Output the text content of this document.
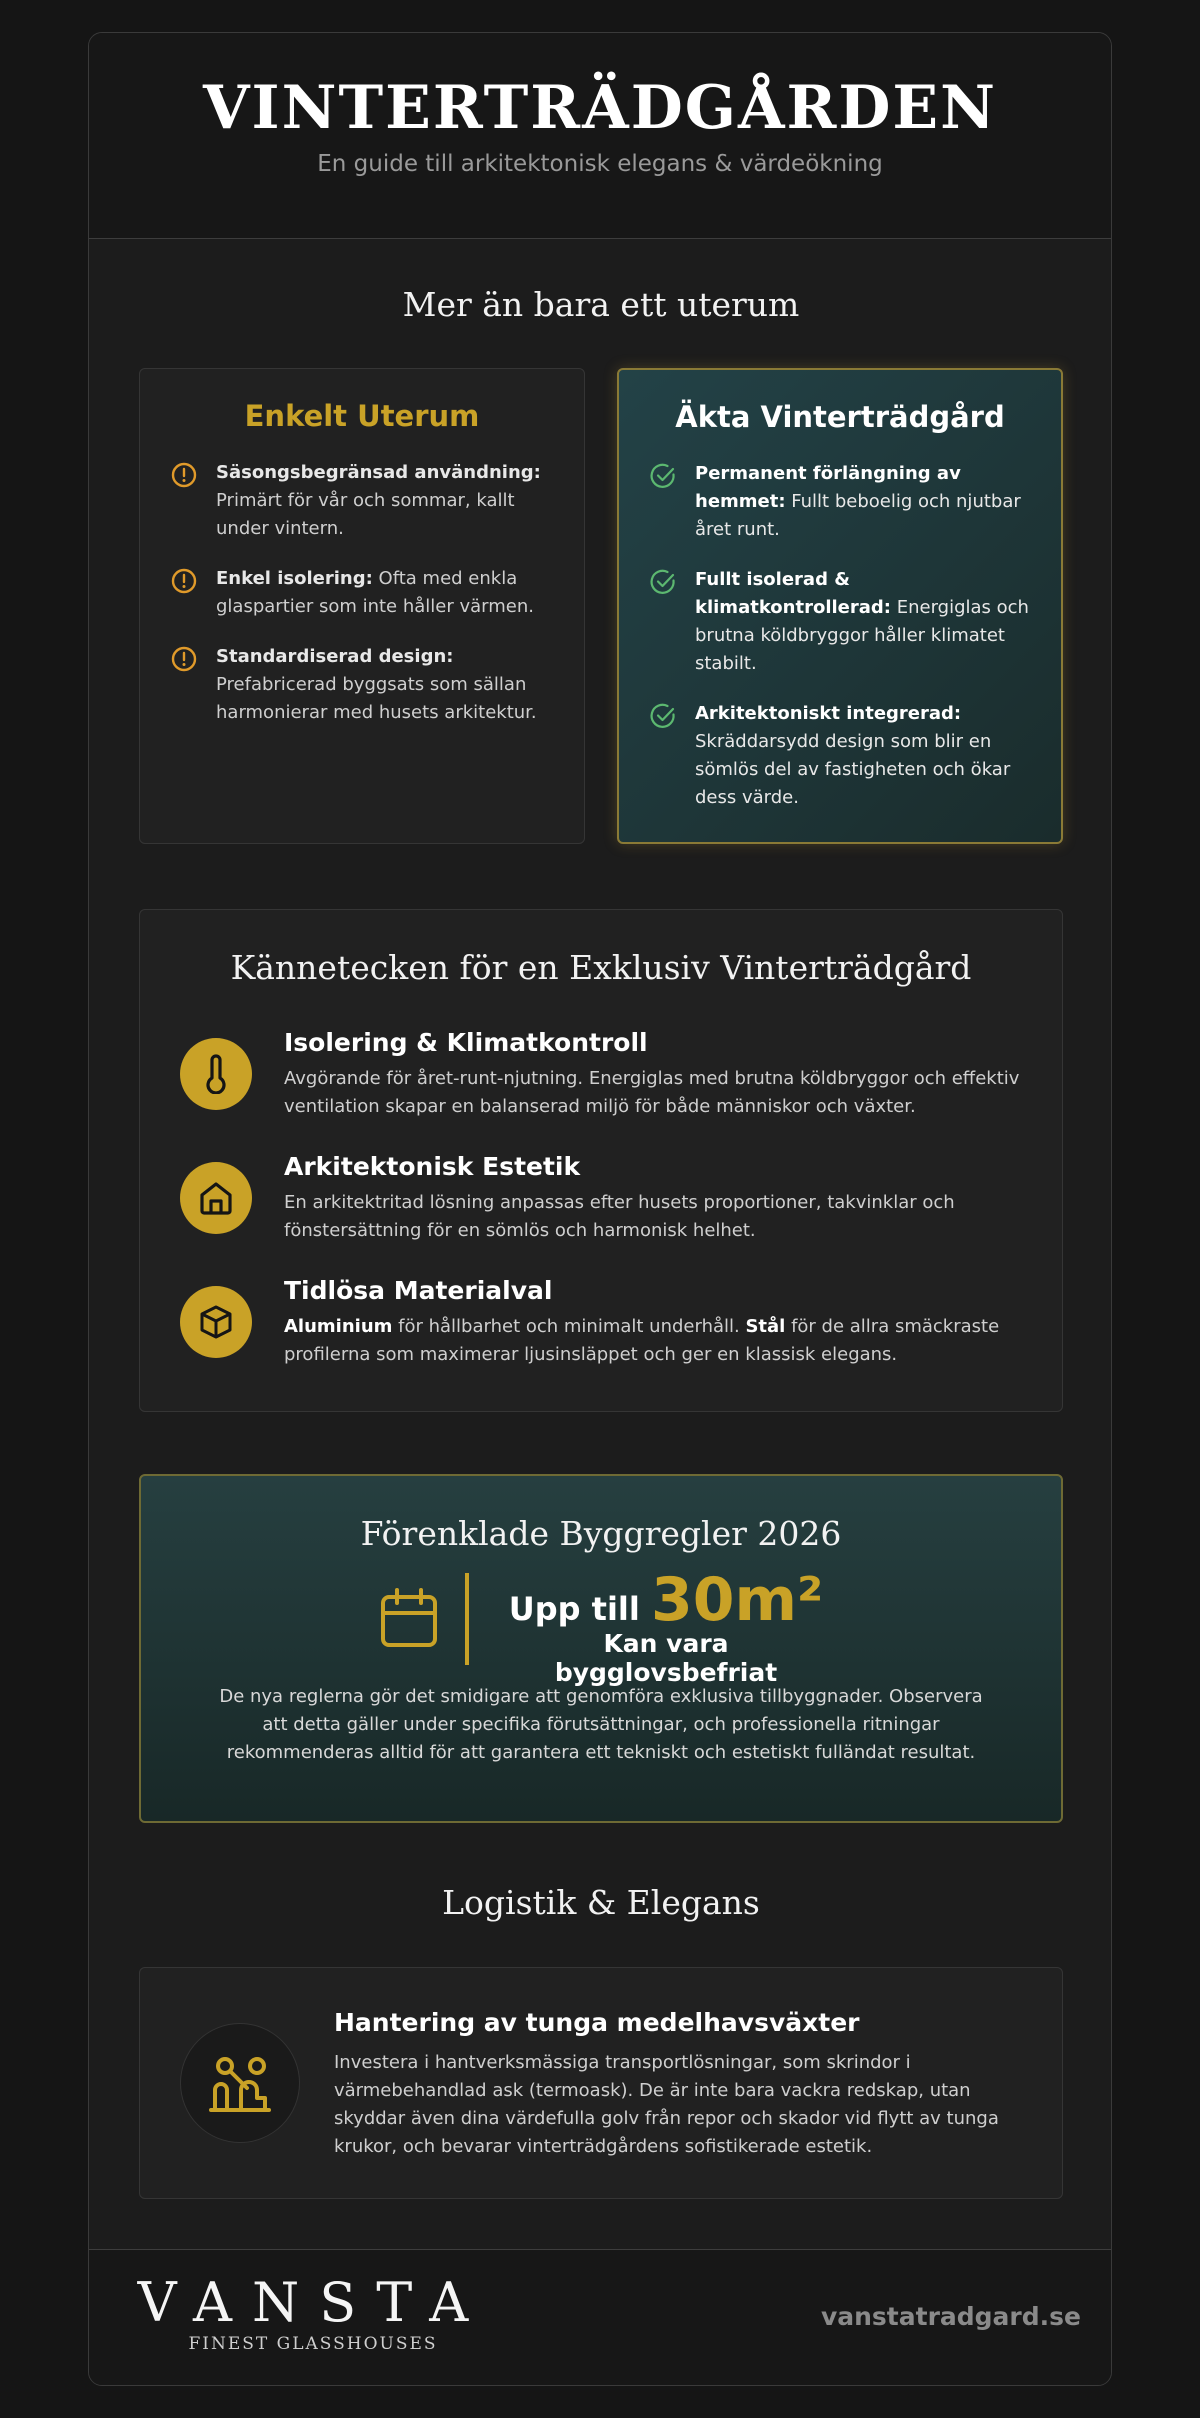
VINTERTRÄDGÅRDEN
En guide till arkitektonisk elegans & värdeökning
Mer än bara ett uterum
Enkelt Uterum
Säsongsbegränsad användning: Primärt för vår och sommar, kallt under vintern.
Enkel isolering: Ofta med enkla glaspartier som inte håller värmen.
Standardiserad design: Prefabricerad byggsats som sällan harmonierar med husets arkitektur.
Äkta Vinterträdgård
Permanent förlängning av hemmet: Fullt beboelig och njutbar året runt.
Fullt isolerad & klimatkontrollerad: Energiglas och brutna köldbryggor håller klimatet stabilt.
Arkitektoniskt integrerad: Skräddarsydd design som blir en sömlös del av fastigheten och ökar dess värde.
Kännetecken för en Exklusiv Vinterträdgård
Isolering & Klimatkontroll

Avgörande för året-runt-njutning. Energiglas med brutna köldbryggor och effektiv ventilation skapar en balanserad miljö för både människor och växter.

Arkitektonisk Estetik

En arkitektritad lösning anpassas efter husets proportioner, takvinklar och fönstersättning för en sömlös och harmonisk helhet.

Tidlösa Materialval

Aluminium för hållbarhet och minimalt underhåll. Stål för de allra smäckraste profilerna som maximerar ljusinsläppet och ger en klassisk elegans.

Förenklade Byggregler 2026
Upp till 30m²
Kan vara bygglovsbefriat

De nya reglerna gör det smidigare att genomföra exklusiva tillbyggnader. Observera att detta gäller under specifika förutsättningar, och professionella ritningar rekommenderas alltid för att garantera ett tekniskt och estetiskt fulländat resultat.

Logistik & Elegans
Hantering av tunga medelhavsväxter

Investera i hantverksmässiga transportlösningar, som skrindor i värmebehandlad ask (termoask). De är inte bara vackra redskap, utan skyddar även dina värdefulla golv från repor och skador vid flytt av tunga krukor, och bevarar vinterträdgårdens sofistikerade estetik.

VANSTA
FINEST GLASSHOUSES
vanstatradgard.se
